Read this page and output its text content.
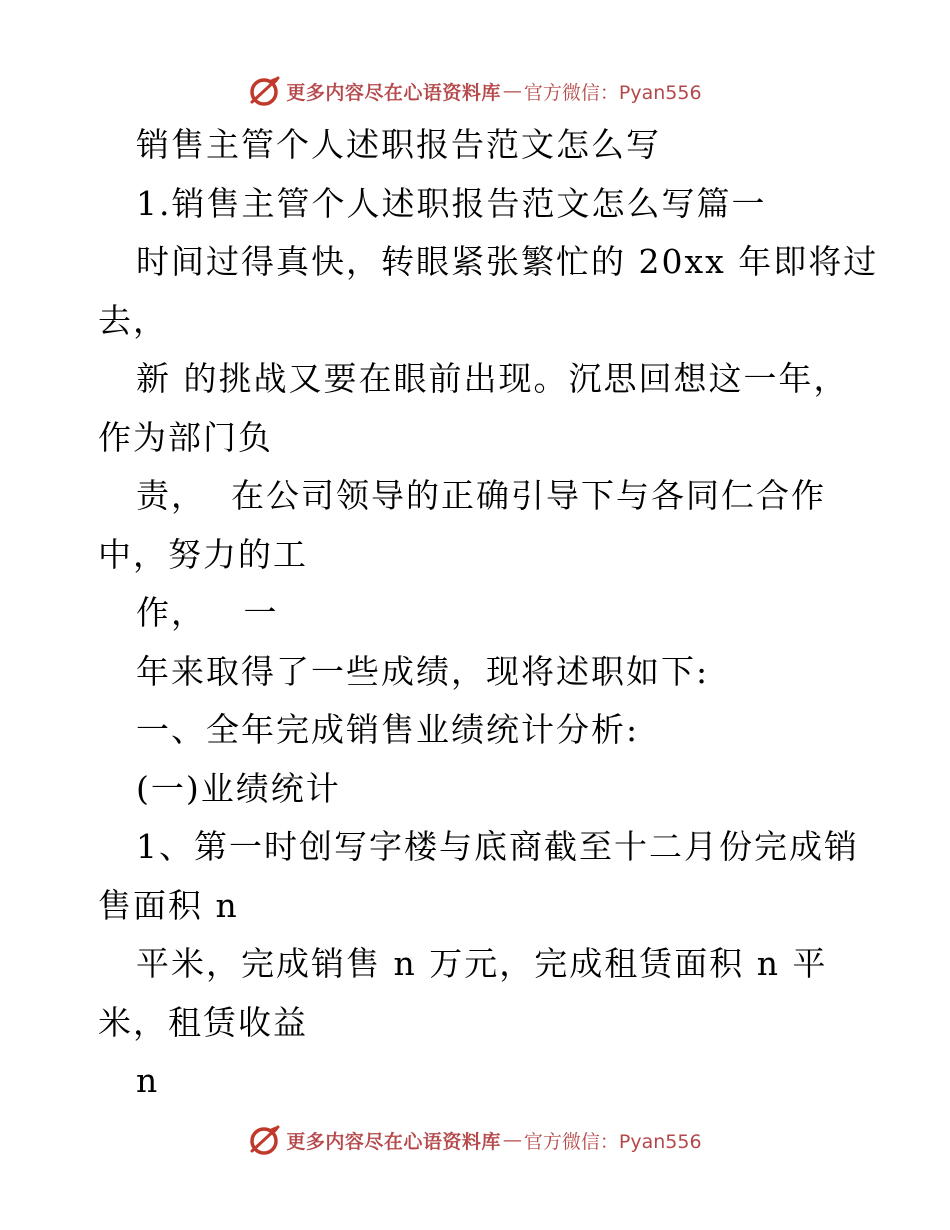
更多内容尽在心语资料库 — 官方微信：Pyan556
销售主管个人述职报告范文怎么写
1.销售主管个人述职报告范文怎么写篇一
时间过得真快，转眼紧张繁忙的 20xx 年即将过
去，
新 的挑战又要在眼前出现。沉思回想这一年，
作为部门负
责，  在公司领导的正确引导下与各同仁合作
中，努力的工
作，   一
年来取得了一些成绩，现将述职如下:
一、全年完成销售业绩统计分析:
(一)业绩统计
1、第一时创写字楼与底商截至十二月份完成销
售面积 n
平米，完成销售 n 万元，完成租赁面积 n 平
米，租赁收益
n
更多内容尽在心语资料库 — 官方微信：Pyan556
